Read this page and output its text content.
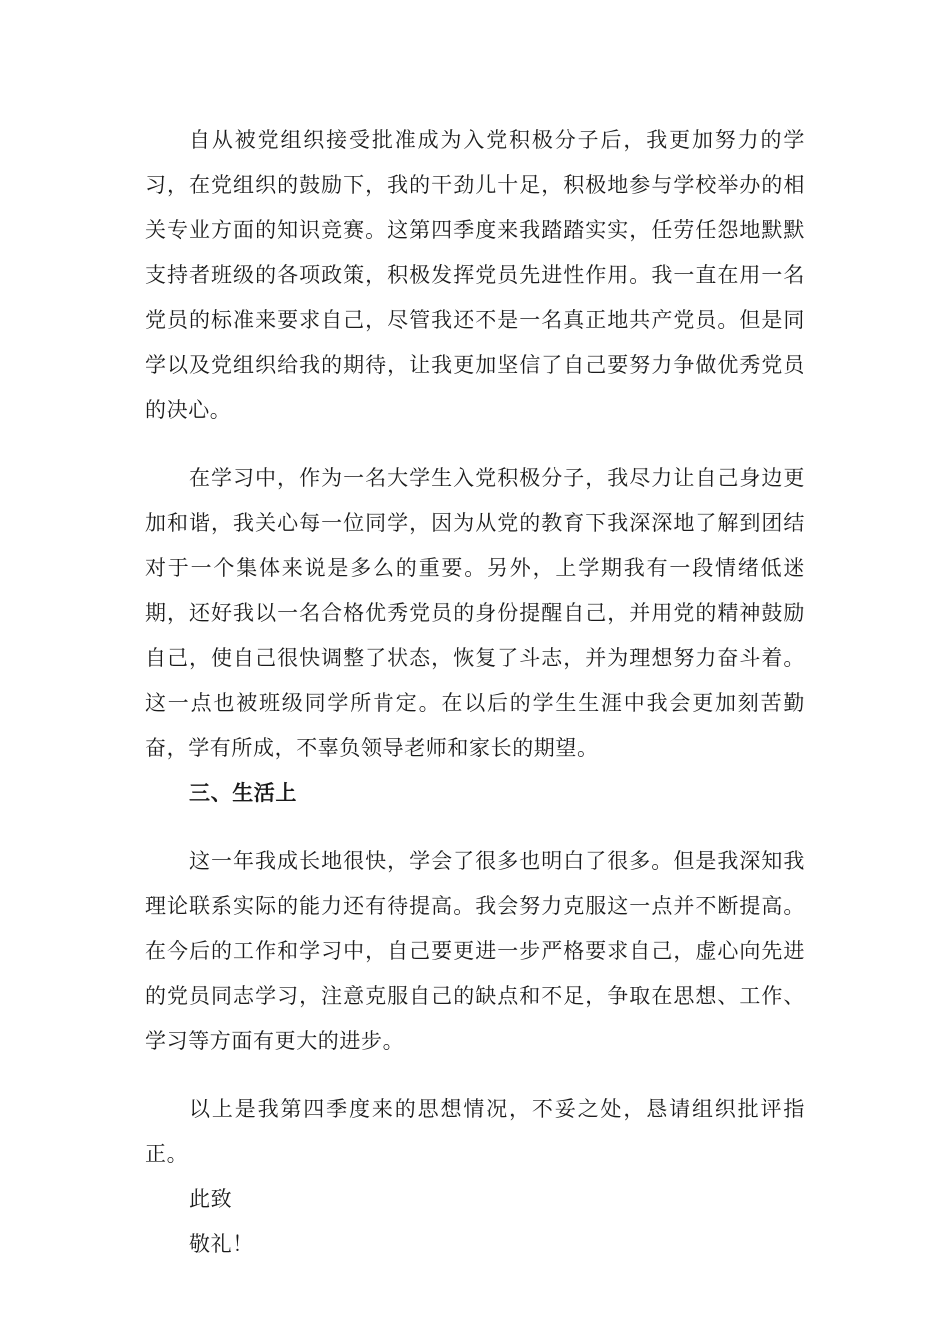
自从被党组织接受批准成为入党积极分子后，我更加努力的学习，在党组织的鼓励下，我的干劲儿十足，积极地参与学校举办的相关专业方面的知识竞赛。这第四季度来我踏踏实实，任劳任怨地默默支持者班级的各项政策，积极发挥党员先进性作用。我一直在用一名党员的标准来要求自己，尽管我还不是一名真正地共产党员。但是同学以及党组织给我的期待，让我更加坚信了自己要努力争做优秀党员的决心。

在学习中，作为一名大学生入党积极分子，我尽力让自己身边更加和谐，我关心每一位同学，因为从党的教育下我深深地了解到团结对于一个集体来说是多么的重要。另外，上学期我有一段情绪低迷期，还好我以一名合格优秀党员的身份提醒自己，并用党的精神鼓励自己，使自己很快调整了状态，恢复了斗志，并为理想努力奋斗着。这一点也被班级同学所肯定。在以后的学生生涯中我会更加刻苦勤奋，学有所成，不辜负领导老师和家长的期望。

三、生活上

这一年我成长地很快，学会了很多也明白了很多。但是我深知我理论联系实际的能力还有待提高。我会努力克服这一点并不断提高。在今后的工作和学习中，自己要更进一步严格要求自己，虚心向先进的党员同志学习，注意克服自己的缺点和不足，争取在思想、工作、学习等方面有更大的进步。

以上是我第四季度来的思想情况，不妥之处，恳请组织批评指正。

此致

敬礼！
